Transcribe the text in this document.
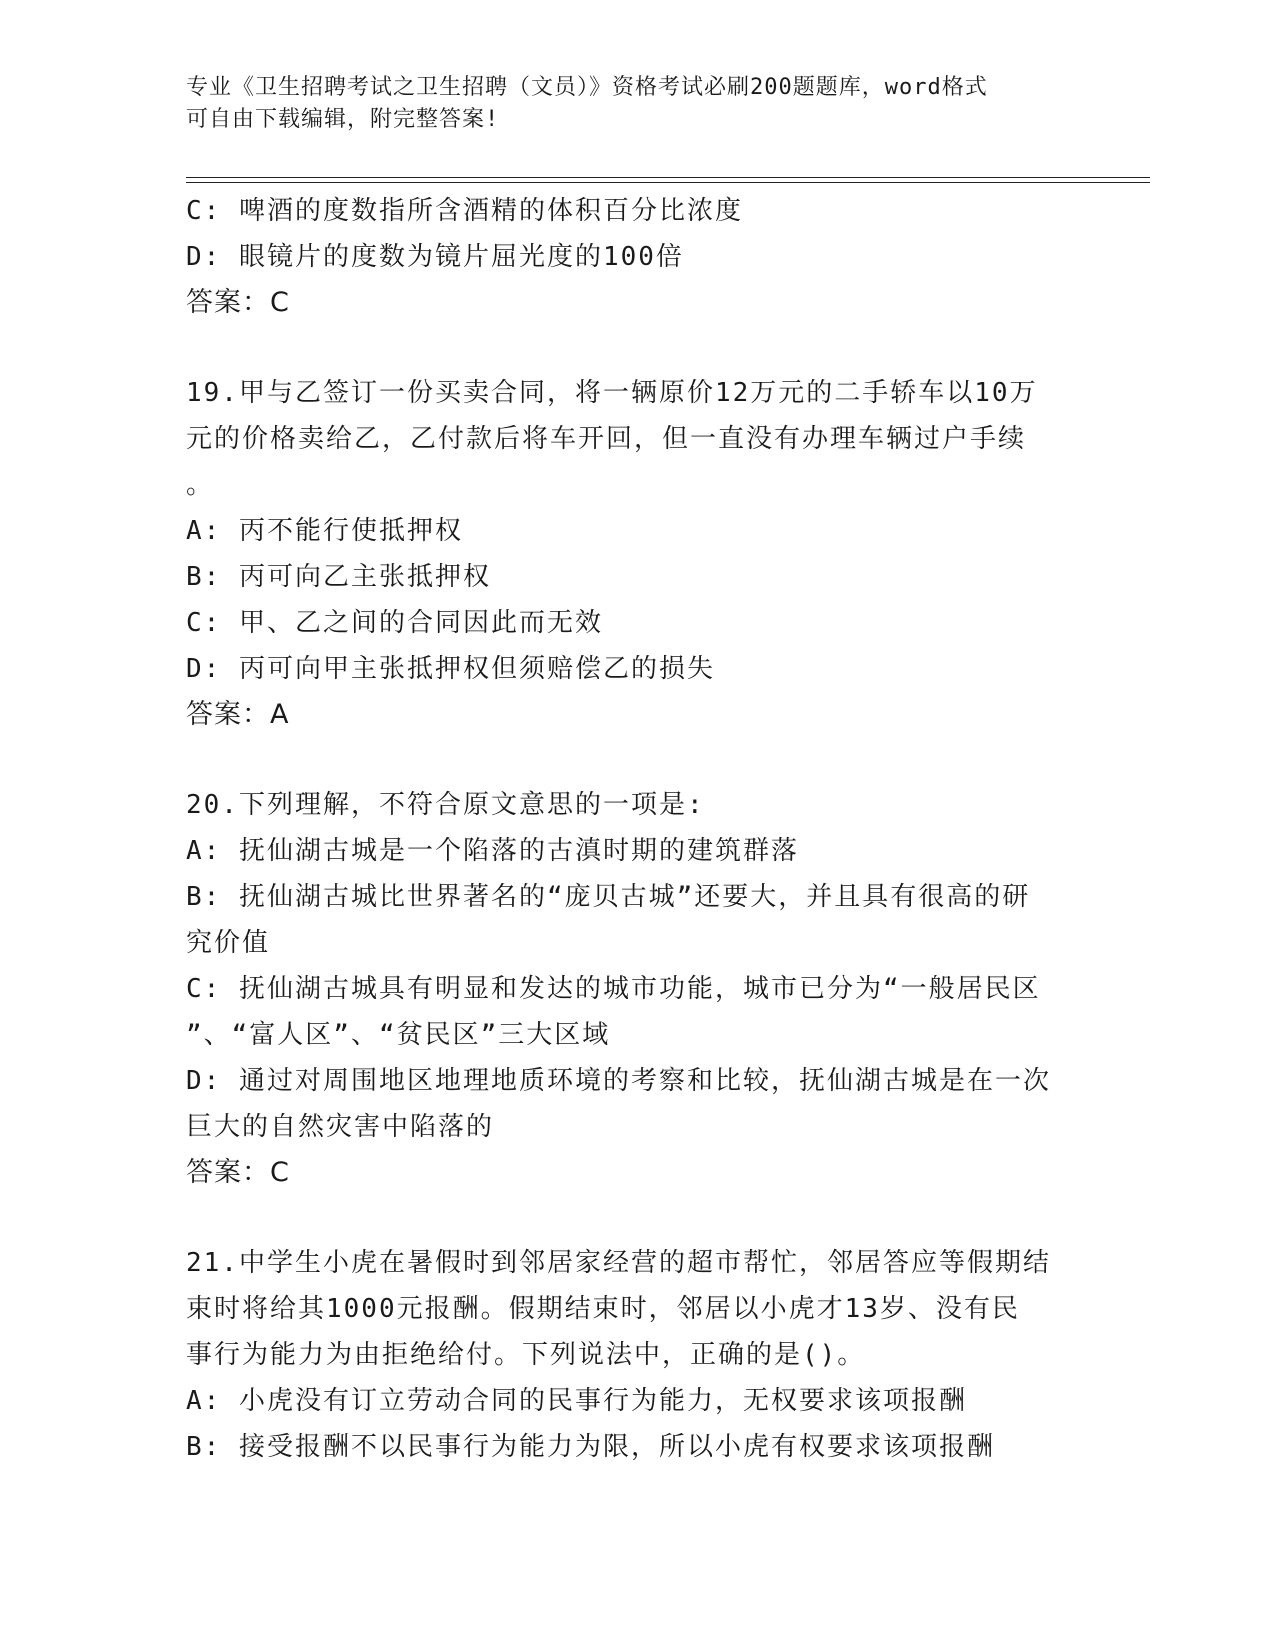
专业《卫生招聘考试之卫生招聘（文员）》资格考试必刷200题题库，word格式
可自由下载编辑，附完整答案!
C: 啤酒的度数指所含酒精的体积百分比浓度
D: 眼镜片的度数为镜片屈光度的100倍
答案：C
19.甲与乙签订一份买卖合同，将一辆原价12万元的二手轿车以10万
元的价格卖给乙，乙付款后将车开回，但一直没有办理车辆过户手续
。
A: 丙不能行使抵押权
B: 丙可向乙主张抵押权
C: 甲、乙之间的合同因此而无效
D: 丙可向甲主张抵押权但须赔偿乙的损失
答案：A
20.下列理解，不符合原文意思的一项是:
A: 抚仙湖古城是一个陷落的古滇时期的建筑群落
B: 抚仙湖古城比世界著名的“庞贝古城”还要大，并且具有很高的研
究价值
C: 抚仙湖古城具有明显和发达的城市功能，城市已分为“一般居民区
”、“富人区”、“贫民区”三大区域
D: 通过对周围地区地理地质环境的考察和比较，抚仙湖古城是在一次
巨大的自然灾害中陷落的
答案：C
21.中学生小虎在暑假时到邻居家经营的超市帮忙，邻居答应等假期结
束时将给其1000元报酬。假期结束时，邻居以小虎才13岁、没有民
事行为能力为由拒绝给付。下列说法中，正确的是()。
A: 小虎没有订立劳动合同的民事行为能力，无权要求该项报酬
B: 接受报酬不以民事行为能力为限，所以小虎有权要求该项报酬
